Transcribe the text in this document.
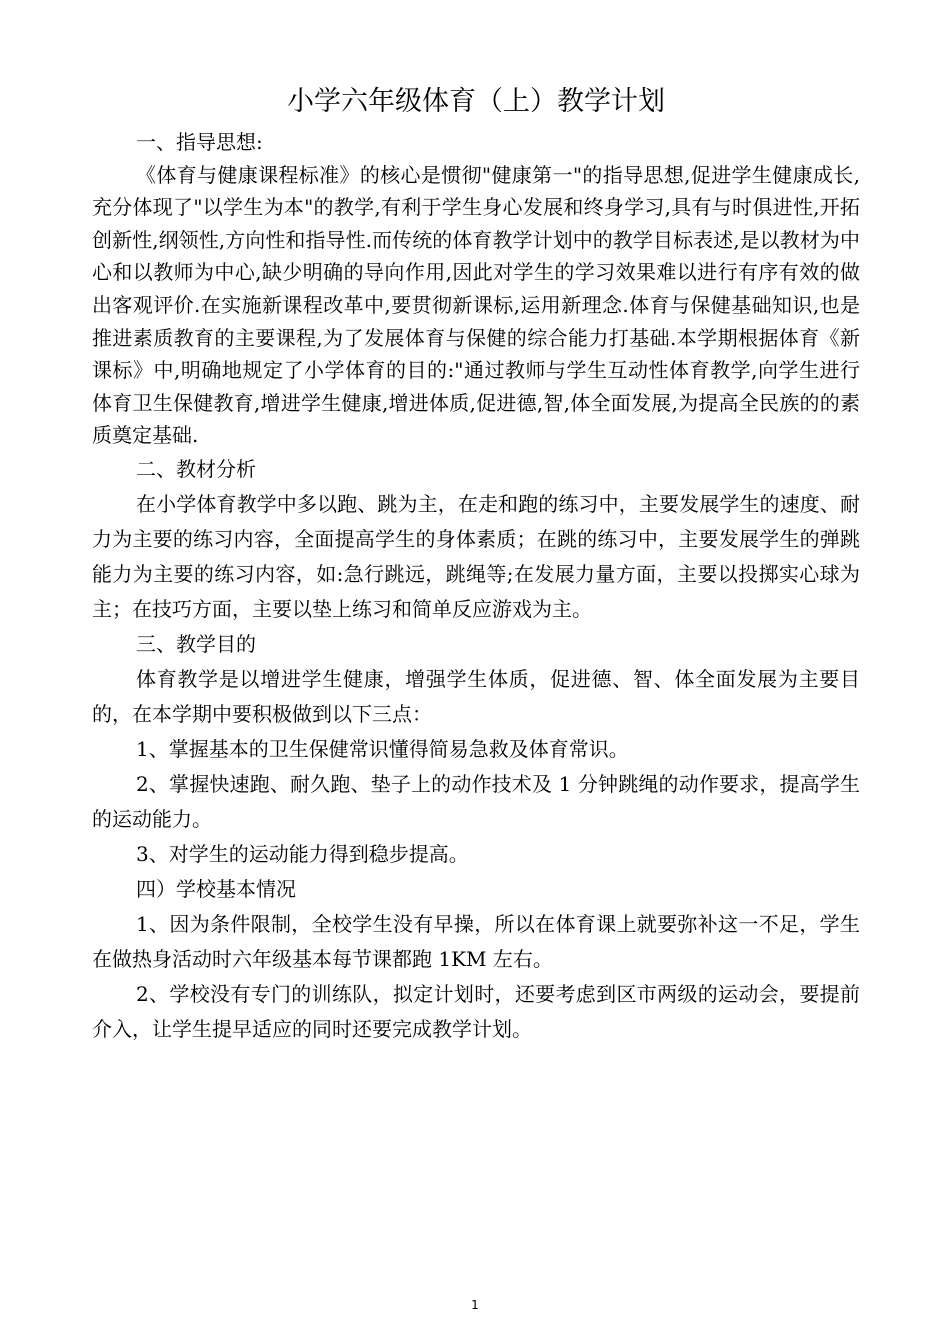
小学六年级体育（上）教学计划

一、指导思想:

《体育与健康课程标准》的核心是惯彻"健康第一"的指导思想,促进学生健康成长,充分体现了"以学生为本"的教学,有利于学生身心发展和终身学习,具有与时俱进性,开拓创新性,纲领性,方向性和指导性.而传统的体育教学计划中的教学目标表述,是以教材为中心和以教师为中心,缺少明确的导向作用,因此对学生的学习效果难以进行有序有效的做出客观评价.在实施新课程改革中,要贯彻新课标,运用新理念.体育与保健基础知识,也是推进素质教育的主要课程,为了发展体育与保健的综合能力打基础.本学期根据体育《新课标》中,明确地规定了小学体育的目的:"通过教师与学生互动性体育教学,向学生进行体育卫生保健教育,增进学生健康,增进体质,促进德,智,体全面发展,为提高全民族的的素质奠定基础.

二、教材分析

在小学体育教学中多以跑、跳为主，在走和跑的练习中，主要发展学生的速度、耐力为主要的练习内容，全面提高学生的身体素质；在跳的练习中，主要发展学生的弹跳能力为主要的练习内容，如:急行跳远，跳绳等;在发展力量方面，主要以投掷实心球为主；在技巧方面，主要以垫上练习和简单反应游戏为主。

三、教学目的

体育教学是以增进学生健康，增强学生体质，促进德、智、体全面发展为主要目的，在本学期中要积极做到以下三点：

1、掌握基本的卫生保健常识懂得简易急救及体育常识。

2、掌握快速跑、耐久跑、垫子上的动作技术及 1 分钟跳绳的动作要求，提高学生的运动能力。

3、对学生的运动能力得到稳步提高。

四）学校基本情况

1、因为条件限制，全校学生没有早操，所以在体育课上就要弥补这一不足，学生在做热身活动时六年级基本每节课都跑 1KM 左右。

2、学校没有专门的训练队，拟定计划时，还要考虑到区市两级的运动会，要提前介入，让学生提早适应的同时还要完成教学计划。

1
